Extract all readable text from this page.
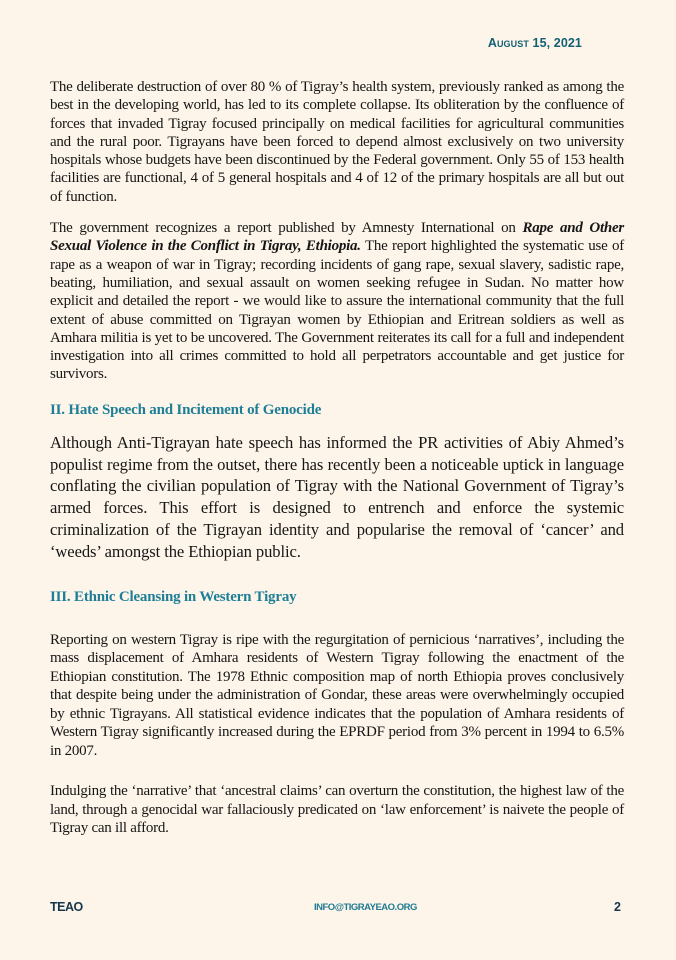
August 15, 2021

The deliberate destruction of over 80 % of Tigray’s health system, previously ranked as among the best in the developing world, has led to its complete collapse. Its obliteration by the confluence of forces that invaded Tigray focused principally on medical facilities for agricultural communities and the rural poor. Tigrayans have been forced to depend almost exclusively on two university hospitals whose budgets have been discontinued by the Federal government. Only 55 of 153 health facilities are functional, 4 of 5 general hospitals and 4 of 12 of the primary hospitals are all but out of function.

The government recognizes a report published by Amnesty International on Rape and Other Sexual Violence in the Conflict in Tigray, Ethiopia. The report highlighted the systematic use of rape as a weapon of war in Tigray; recording incidents of gang rape, sexual slavery, sadistic rape, beating, humiliation, and sexual assault on women seeking refugee in Sudan. No matter how explicit and detailed the report - we would like to assure the international community that the full extent of abuse committed on Tigrayan women by Ethiopian and Eritrean soldiers as well as Amhara militia is yet to be uncovered. The Government reiterates its call for a full and independent investigation into all crimes committed to hold all perpetrators accountable and get justice for survivors.

II. Hate Speech and Incitement of Genocide

Although Anti-Tigrayan hate speech has informed the PR activities of Abiy Ahmed’s populist regime from the outset, there has recently been a noticeable uptick in language conflating the civilian population of Tigray with the National Government of Tigray’s armed forces. This effort is designed to entrench and enforce the systemic criminalization of the Tigrayan identity and popularise the removal of ‘cancer’ and ‘weeds’ amongst the Ethiopian public.

III. Ethnic Cleansing in Western Tigray

Reporting on western Tigray is ripe with the regurgitation of pernicious ‘narratives’, including the mass displacement of Amhara residents of Western Tigray following the enactment of the Ethiopian constitution. The 1978 Ethnic composition map of north Ethiopia proves conclusively that despite being under the administration of Gondar, these areas were overwhelmingly occupied by ethnic Tigrayans. All statistical evidence indicates that the population of Amhara residents of Western Tigray significantly increased during the EPRDF period from 3% percent in 1994 to 6.5% in 2007.

Indulging the ‘narrative’ that ‘ancestral claims’ can overturn the constitution, the highest law of the land, through a genocidal war fallaciously predicated on ‘law enforcement’ is naivete the people of Tigray can ill afford.

TEAO	INFO@TIGRAYEAO.ORG	2
